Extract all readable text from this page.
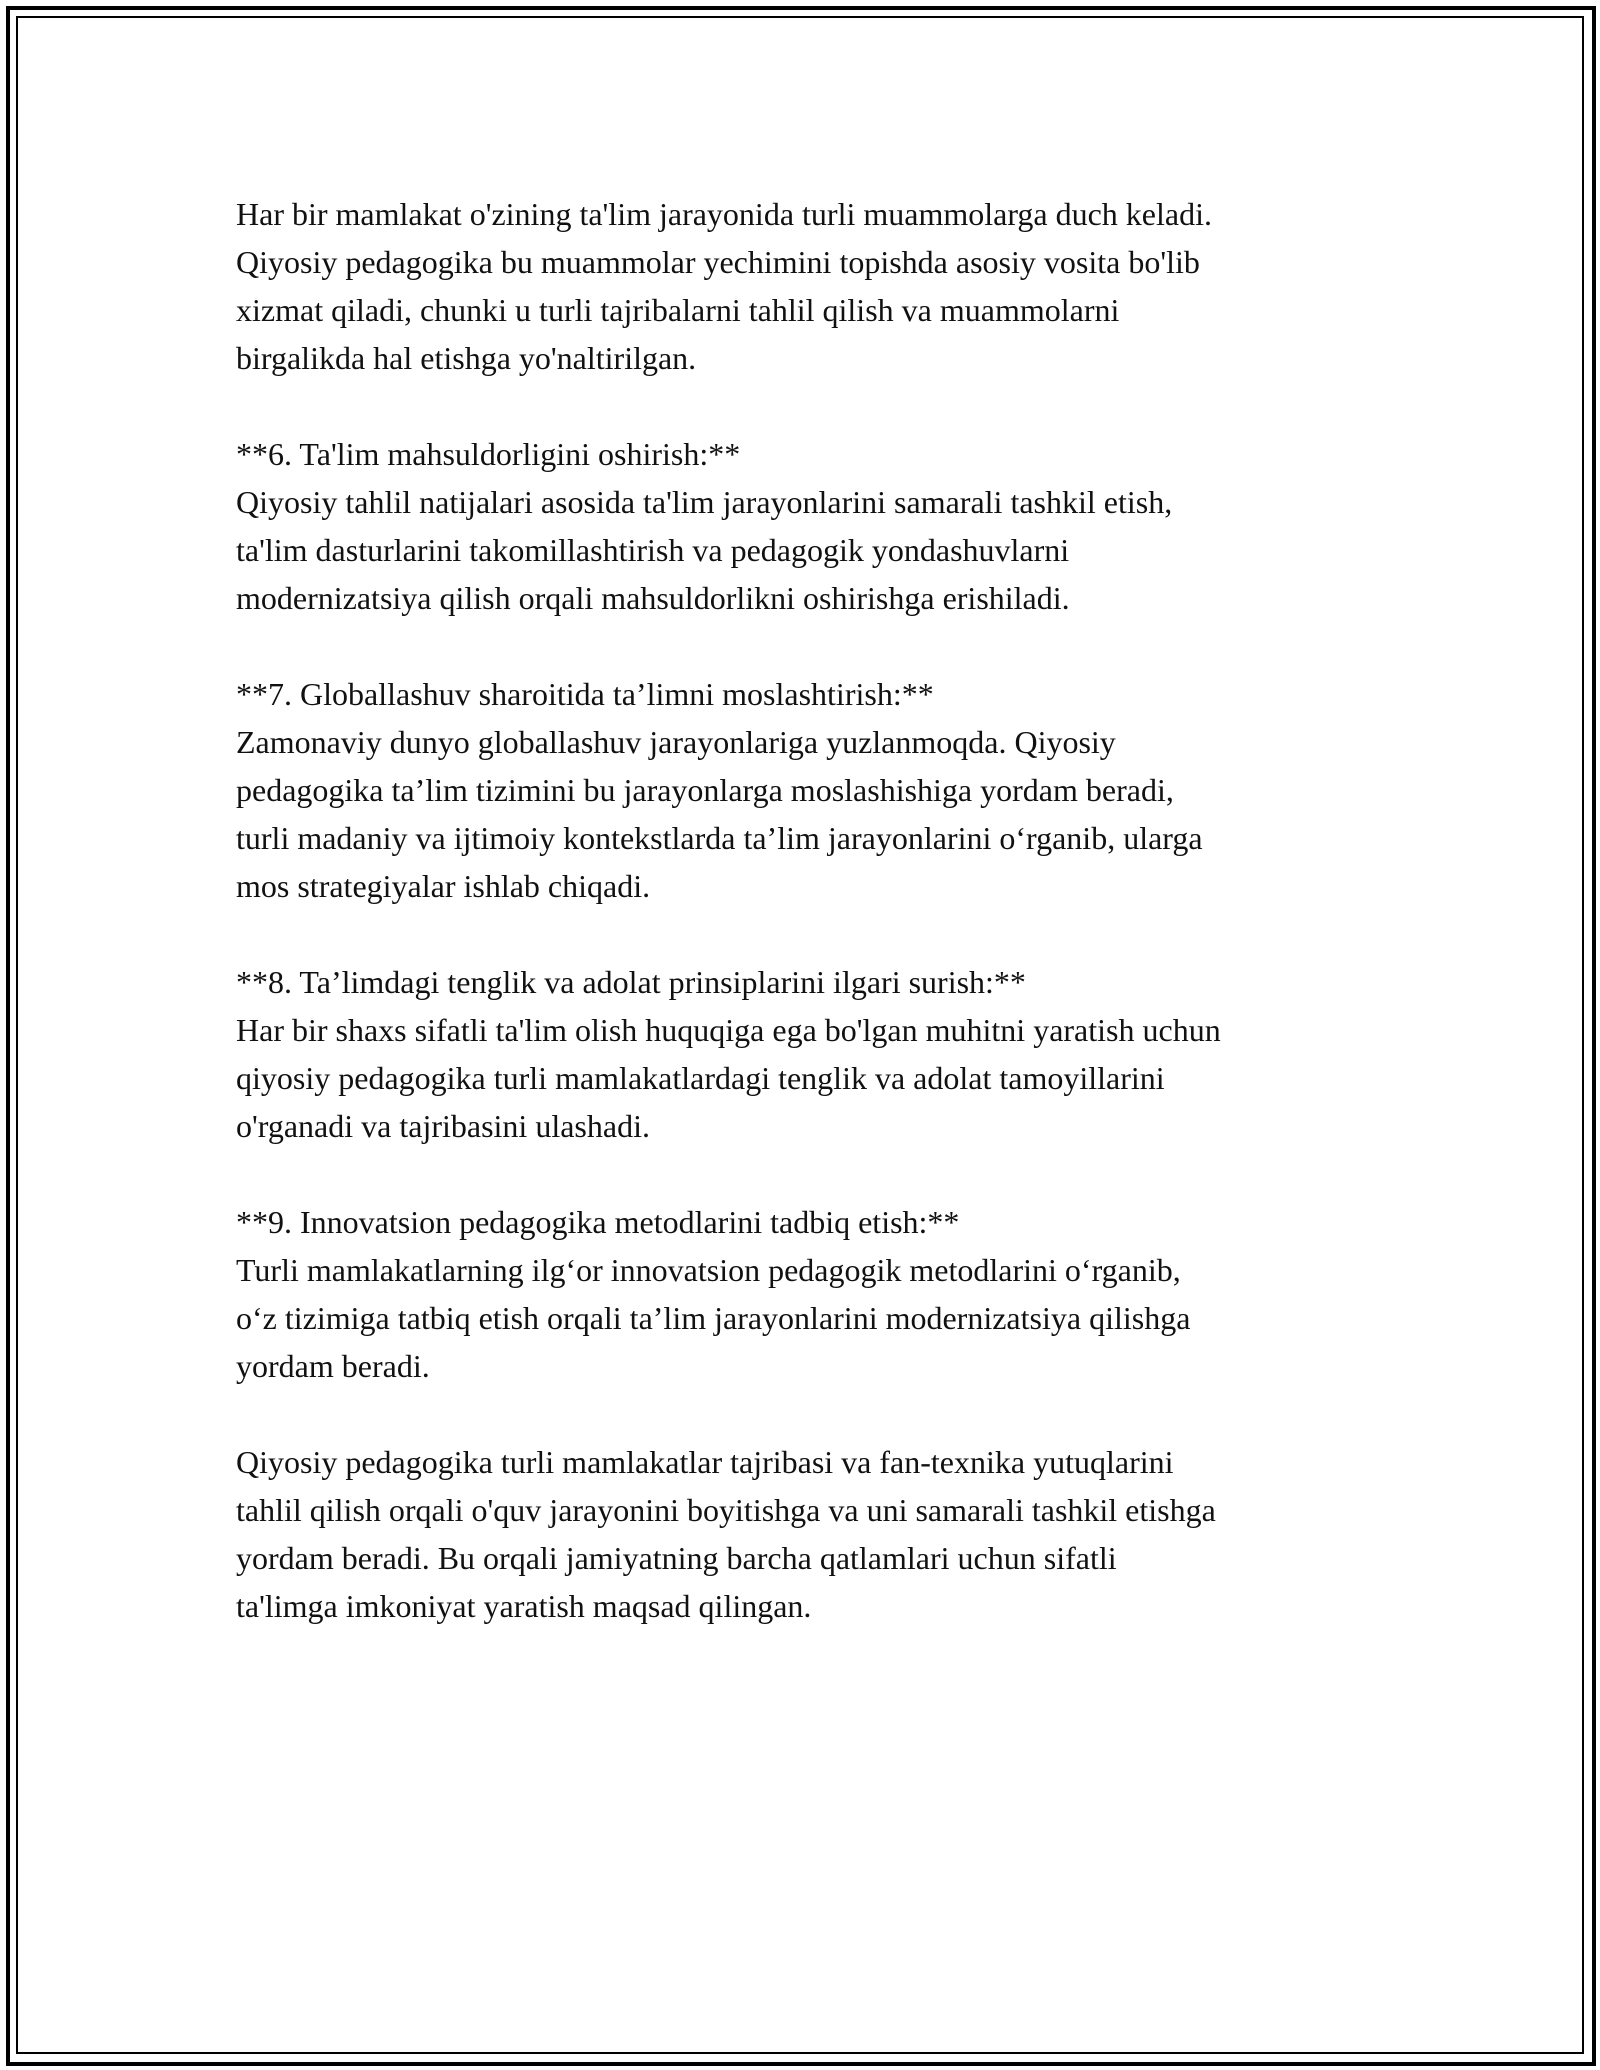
Har bir mamlakat o'zining ta'lim jarayonida turli muammolarga duch keladi.
Qiyosiy pedagogika bu muammolar yechimini topishda asosiy vosita bo'lib
xizmat qiladi, chunki u turli tajribalarni tahlil qilish va muammolarni
birgalikda hal etishga yo'naltirilgan.

**6. Ta'lim mahsuldorligini oshirish:**
Qiyosiy tahlil natijalari asosida ta'lim jarayonlarini samarali tashkil etish,
ta'lim dasturlarini takomillashtirish va pedagogik yondashuvlarni
modernizatsiya qilish orqali mahsuldorlikni oshirishga erishiladi.

**7. Globallashuv sharoitida ta’limni moslashtirish:**
Zamonaviy dunyo globallashuv jarayonlariga yuzlanmoqda. Qiyosiy
pedagogika ta’lim tizimini bu jarayonlarga moslashishiga yordam beradi,
turli madaniy va ijtimoiy kontekstlarda ta’lim jarayonlarini o‘rganib, ularga
mos strategiyalar ishlab chiqadi.

**8. Ta’limdagi tenglik va adolat prinsiplarini ilgari surish:**
Har bir shaxs sifatli ta'lim olish huquqiga ega bo'lgan muhitni yaratish uchun
qiyosiy pedagogika turli mamlakatlardagi tenglik va adolat tamoyillarini
o'rganadi va tajribasini ulashadi.

**9. Innovatsion pedagogika metodlarini tadbiq etish:**
Turli mamlakatlarning ilg‘or innovatsion pedagogik metodlarini o‘rganib,
o‘z tizimiga tatbiq etish orqali ta’lim jarayonlarini modernizatsiya qilishga
yordam beradi.

Qiyosiy pedagogika turli mamlakatlar tajribasi va fan-texnika yutuqlarini
tahlil qilish orqali o'quv jarayonini boyitishga va uni samarali tashkil etishga
yordam beradi. Bu orqali jamiyatning barcha qatlamlari uchun sifatli
ta'limga imkoniyat yaratish maqsad qilingan.
